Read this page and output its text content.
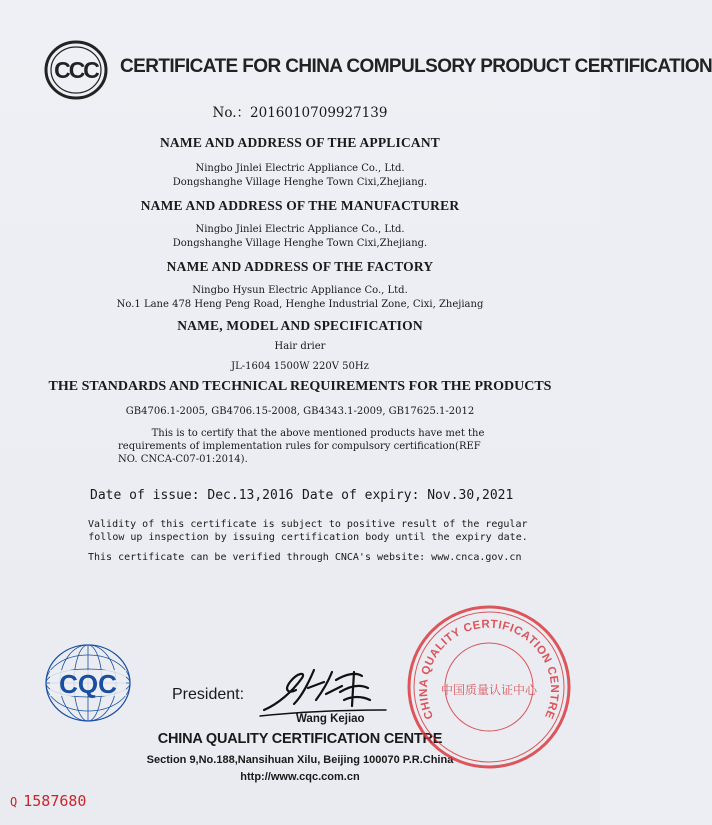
CCC CERTIFICATE FOR CHINA COMPULSORY PRODUCT CERTIFICATION
No.：2016010709927139
NAME AND ADDRESS OF THE APPLICANT
Ningbo Jinlei Electric Appliance Co., Ltd.
Dongshanghe Village Henghe Town Cixi,Zhejiang.
NAME AND ADDRESS OF THE MANUFACTURER
Ningbo Jinlei Electric Appliance Co., Ltd.
Dongshanghe Village Henghe Town Cixi,Zhejiang.
NAME AND ADDRESS OF THE FACTORY
Ningbo Hysun Electric Appliance Co., Ltd.
No.1 Lane 478 Heng Peng Road, Henghe Industrial Zone, Cixi, Zhejiang
NAME, MODEL AND SPECIFICATION
Hair drier
JL-1604 1500W 220V 50Hz
THE STANDARDS AND TECHNICAL REQUIREMENTS FOR THE PRODUCTS
GB4706.1-2005, GB4706.15-2008, GB4343.1-2009, GB17625.1-2012
This is to certify that the above mentioned products have met the
requirements of implementation rules for compulsory certification(REF
NO. CNCA-C07-01:2014).
Date of issue: Dec.13,2016 Date of expiry: Nov.30,2021
Validity of this certificate is subject to positive result of the regular
follow up inspection by issuing certification body until the expiry date.
This certificate can be verified through CNCA's website: www.cnca.gov.cn
CQC	President:
Wang Kejiao
CHINA QUALITY CERTIFICATION CENTRE
Section 9,No.188,Nansihuan Xilu, Beijing 100070 P.R.China
http://www.cqc.com.cn
CHINA QUALITY CERTIFICATION CENTRE
中国质量认证中心
Q 1587680
